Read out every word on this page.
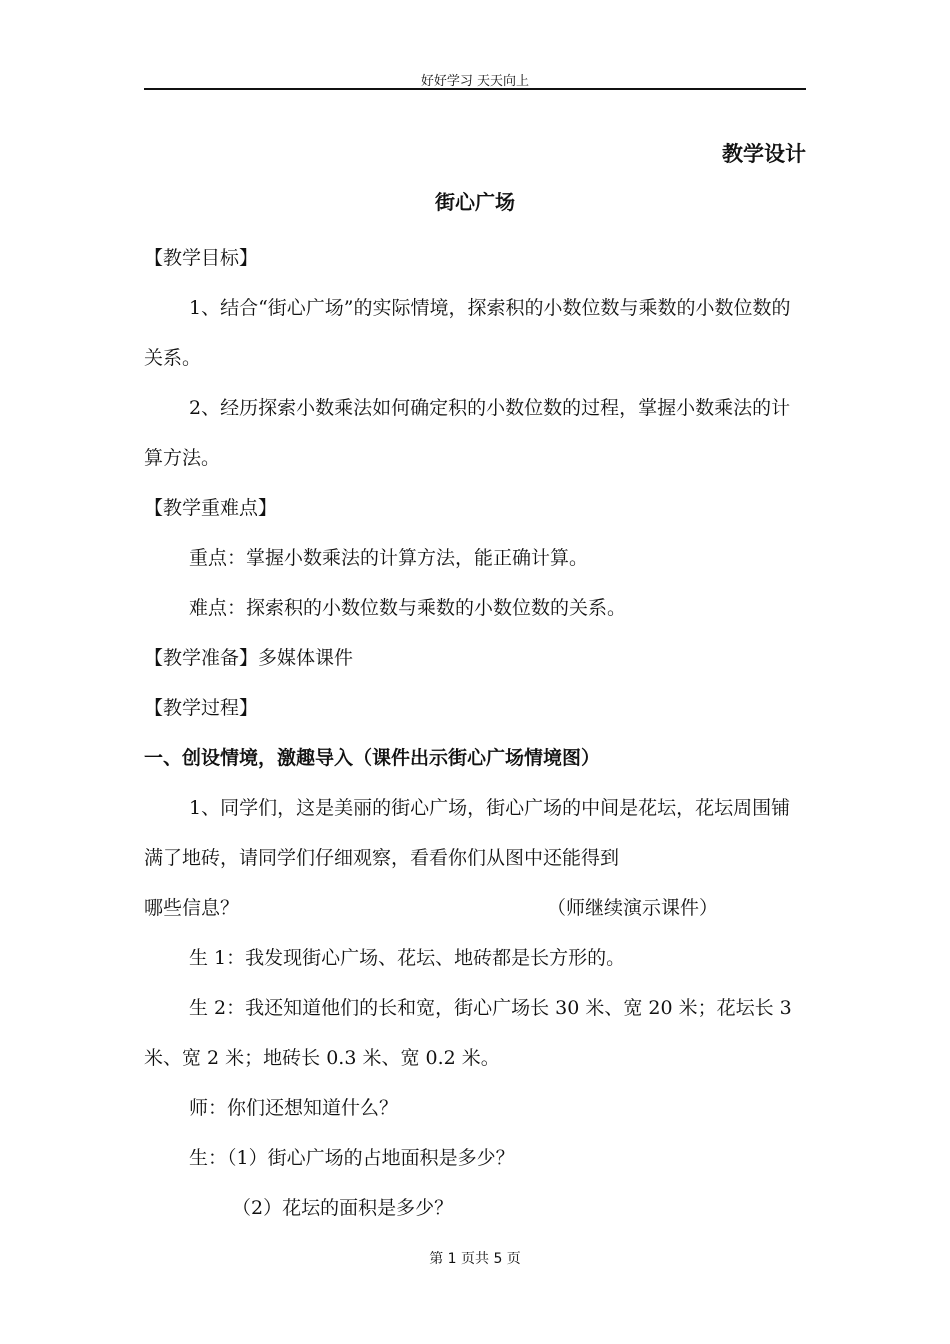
好好学习 天天向上
教学设计
街心广场

【教学目标】

1、结合“街心广场”的实际情境，探索积的小数位数与乘数的小数位数的关系。

2、经历探索小数乘法如何确定积的小数位数的过程，掌握小数乘法的计算方法。

【教学重难点】

重点：掌握小数乘法的计算方法，能正确计算。

难点：探索积的小数位数与乘数的小数位数的关系。

【教学准备】多媒体课件

【教学过程】

一、创设情境，激趣导入（课件出示街心广场情境图）

1、同学们，这是美丽的街心广场，街心广场的中间是花坛，花坛周围铺满了地砖，请同学们仔细观察，看看你们从图中还能得到

哪些信息？	（师继续演示课件）

生 1：我发现街心广场、花坛、地砖都是长方形的。

生 2：我还知道他们的长和宽，街心广场长 30 米、宽 20 米；花坛长 3 米、宽 2 米；地砖长 0.3 米、宽 0.2 米。

师：你们还想知道什么？

生：（1）街心广场的占地面积是多少？

（2）花坛的面积是多少？

第 1 页共 5 页
